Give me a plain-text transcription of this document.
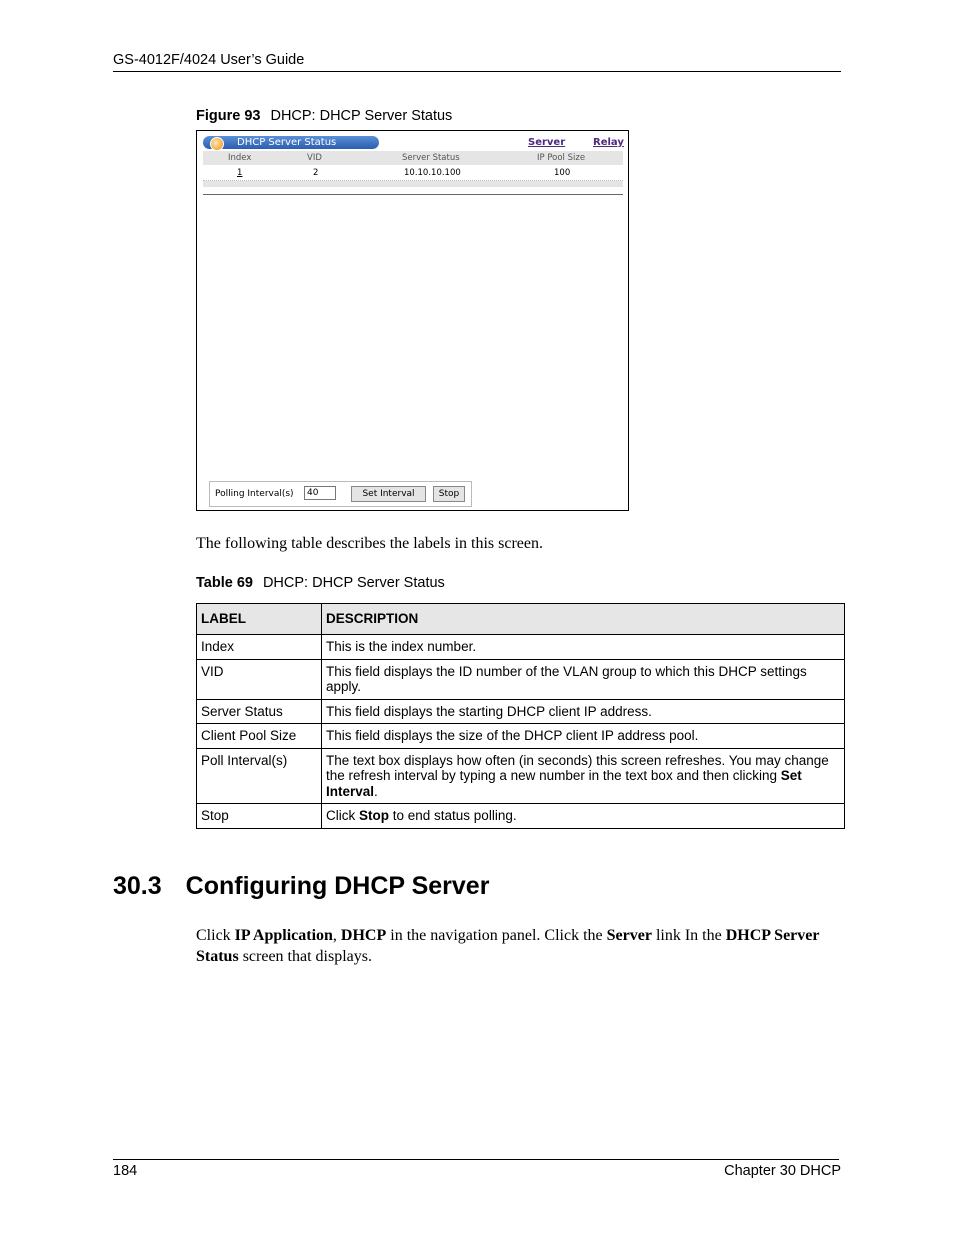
GS-4012F/4024 User’s Guide
Figure 93 DHCP: DHCP Server Status
DHCP Server Status	Server	Relay
Index	VID	Server Status	IP Pool Size
1	2	10.10.10.100	100
Polling Interval(s)	40	Set Interval	Stop
The following table describes the labels in this screen.
Table 69 DHCP: DHCP Server Status
LABEL	DESCRIPTION
Index	This is the index number.
VID	This field displays the ID number of the VLAN group to which this DHCP settings apply.
Server Status	This field displays the starting DHCP client IP address.
Client Pool Size	This field displays the size of the DHCP client IP address pool.
Poll Interval(s)	The text box displays how often (in seconds) this screen refreshes. You may change the refresh interval by typing a new number in the text box and then clicking Set Interval.
Stop	Click Stop to end status polling.
30.3 Configuring DHCP Server
Click IP Application, DHCP in the navigation panel. Click the Server link In the DHCP Server Status screen that displays.
184	Chapter 30 DHCP
